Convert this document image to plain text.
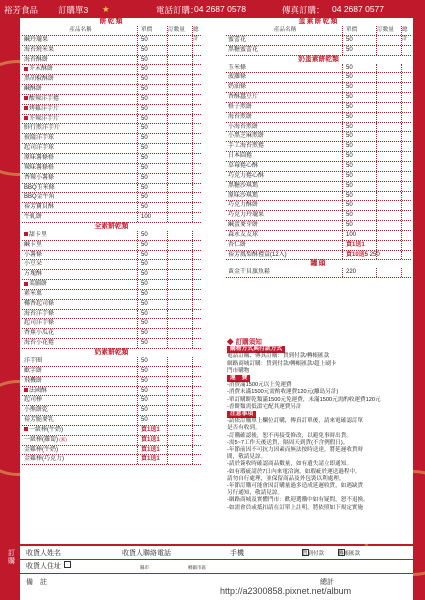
裕芳食品 訂購單3 ★	電話訂購：
04 2687 0578	傳真訂購： 04 2687 0577
餅乾類
產品名稱	單價	訂數量	總計
鹹玲瓏果	50
海苔燒米果	50
海苔酥餅	50
芥末酥餅	50
黑胡椒酥餅	50
鹹酥餅	50
酸辣洋芋捲	50
烤雞洋芋片	50
芥辣洋芋片	50
鮮行煎洋芋片	50
披薩洋芋球	50
起司洋芋球	50
原味薯條格	50
辣味薯條格	50
香辣小薯條	50
BBQ玉米條	50
BBQ金牛角	50
裕芳寶貝酥	50
牛軋餅	100
全素餅乾類
甜卡里	50
鹹卡里	50
小薯條	50
小豆朵	50
方塊酥	50
菜脯餅	50
素米菓	50
椰香起司條	50
海苔洋芋條	50
起司洋芋條	50
香蕉小瓜花	50
海苔小花捲	50
奶素餅乾類
洋芋圈	50
歡字餅	50
飛機餅	50
法國酥	50
起司棒	50
小熊餅乾	50
裕芳脆麥乳	50
一級棒(牛奶)	買1送1
一級棒(蘿蔔) (素)	買1送1
金雞棒(牛奶)	買1送1
金雞棒(巧克力)	買1送1
蛋素餅乾類
產品名稱	單價	訂數量	總計
蜜蕾花	50
黑糖蜜蕾花	50
奶蛋素餅乾類
玉米條	50
菠蘿條	50
奶油條	50
香酥蠶豆片	50
格子煎餅	50
海苔煎餅	50
小海苔煎餅	50
小黑芝麻煎餅	50
手工海苔煎捲	50
日本圓捲	50
草莓捲心酥	50
巧克力捲心酥	50
黑糖沙琪瑪	50
原味沙琪瑪	50
巧克力酥餅	50
巧克力玲瓏果	50
鹹蛋麥芽餅	50
森永友友球	100
杏仁餅	買1送1
裕芳鳳梨酥禮盒(12入)	買10送5 250
罐頭
黃金干貝旗魚鬆	220
◆ 訂購須知
購物方式與付款方式

電話訂購、傳真訂購：貨到付款/轉帳匯款

網路商城訂購：貨到付款/轉帳匯款/超上刷卡

門市購物

運　費

-消費滿1500元以上免運費

-消費未滿1500元需酌收運費120元(離島另計)

-單訂購餅乾類滿1500元免運費，未滿1500元需酌收運費120元

-香餅類需低溫宅配其運費另計

注意事項

-請依訂購單上欄位訂購，傳真訂單後，請來電確認訂單

是否有收到。

-訂購確認後，恕不再接受修改，以避免事時出貨。

-需5~7工作天後送貨，隔周天到貨(不含例假日)。

-年節前因不可抗力因素而無法按時送達，將延遲收貨時

間，敬請見諒。

-請於簽收時確認商品數量，如有遺失請立即通知。

-如有瑕疵請於7日內來電洽詢，如瑕疵於運送過程中，

請勿自行處理，並保留商品及外包裝以利處理。

-年節訂購可能會因訂購量過多造成延遲收貨，如遇缺貨

另行通知，敬請見諒。

-網路商城及實體門市：歡迎選購中如有疑問，恕不退換。

-如需會員或抵扣請在訂單上註明，將依照如下規定實施

訂購
收貨人姓名	收貨人聯絡電話	手機	貨到付款	轉帳匯款
收貨人住址	縣市	鄉鎮市區
備　註	總計
http://a2300858.pixnet.net/album
